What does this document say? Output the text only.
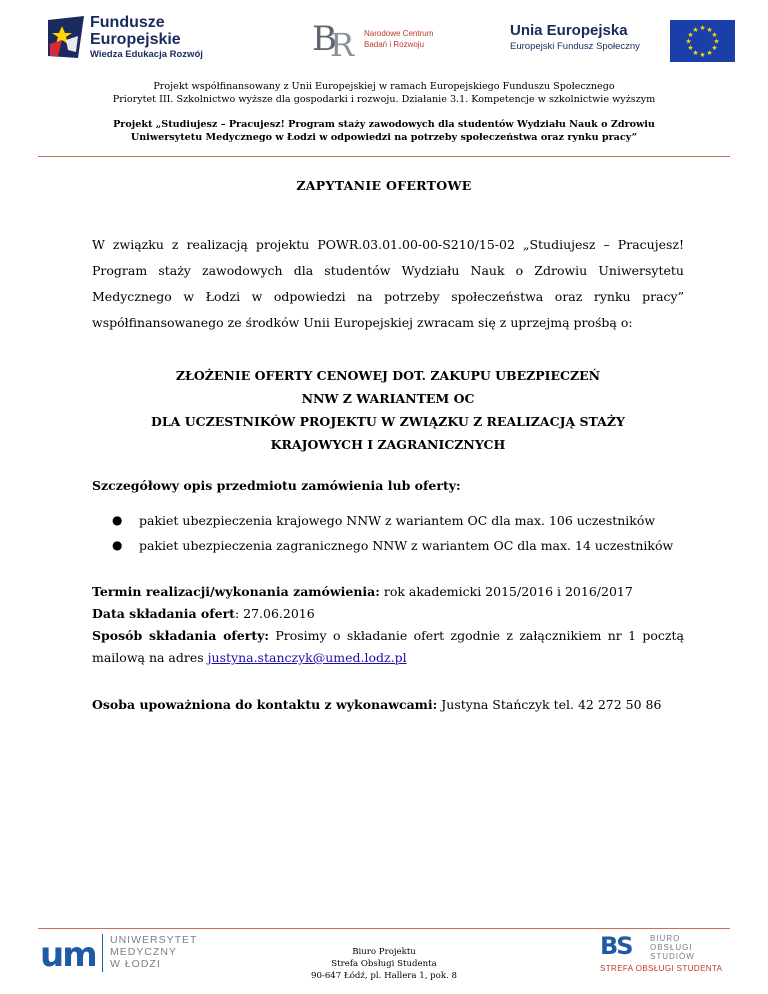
Fundusze
Europejskie
Wiedza Edukacja Rozwój	B
R Narodowe Centrum
Badań i Rozwoju
Unia Europejska
Europejski Fundusz Społeczny
★ ★
★
★
★
★
★
★
★
★
★
★
Projekt współfinansowany z Unii Europejskiej w ramach Europejskiego Funduszu Społecznego
Priorytet III. Szkolnictwo wyższe dla gospodarki i rozwoju. Działanie 3.1. Kompetencje w szkolnictwie wyższym
Projekt „Studiujesz – Pracujesz! Program staży zawodowych dla studentów Wydziału Nauk o Zdrowiu
Uniwersytetu Medycznego w Łodzi w odpowiedzi na potrzeby społeczeństwa oraz rynku pracy”
ZAPYTANIE OFERTOWE
W związku z realizacją projektu POWR.03.01.00-00-S210/15-02 „Studiujesz – Pracujesz! Program staży zawodowych dla studentów Wydziału Nauk o Zdrowiu Uniwersytetu Medycznego w Łodzi w odpowiedzi na potrzeby społeczeństwa oraz rynku pracy” współfinansowanego ze środków Unii Europejskiej zwracam się z uprzejmą prośbą o:
ZŁOŻENIE OFERTY CENOWEJ DOT. ZAKUPU UBEZPIECZEŃ
NNW Z WARIANTEM OC
DLA UCZESTNIKÓW PROJEKTU W ZWIĄZKU Z REALIZACJĄ STAŻY
KRAJOWYCH I ZAGRANICZNYCH
Szczegółowy opis przedmiotu zamówienia lub oferty:
● pakiet ubezpieczenia krajowego NNW z wariantem OC dla max. 106 uczestników
● pakiet ubezpieczenia zagranicznego NNW z wariantem OC dla max. 14 uczestników
Termin realizacji/wykonania zamówienia: rok akademicki 2015/2016 i 2016/2017
Data składania ofert: 27.06.2016
Sposób składania oferty: Prosimy o składanie ofert zgodnie z załącznikiem nr 1 pocztą mailową na adres justyna.stanczyk@umed.lodz.pl
Osoba upoważniona do kontaktu z wykonawcami: Justyna Stańczyk tel. 42 272 50 86
um UNIWERSYTET
MEDYCZNY
W ŁODZI
Biuro Projektu
Strefa Obsługi Studenta
90-647 Łódź, pl. Hallera 1, pok. 8
BS BIURO
OBSŁUGI
STUDIÓW
STREFA OBSŁUGI STUDENTA
